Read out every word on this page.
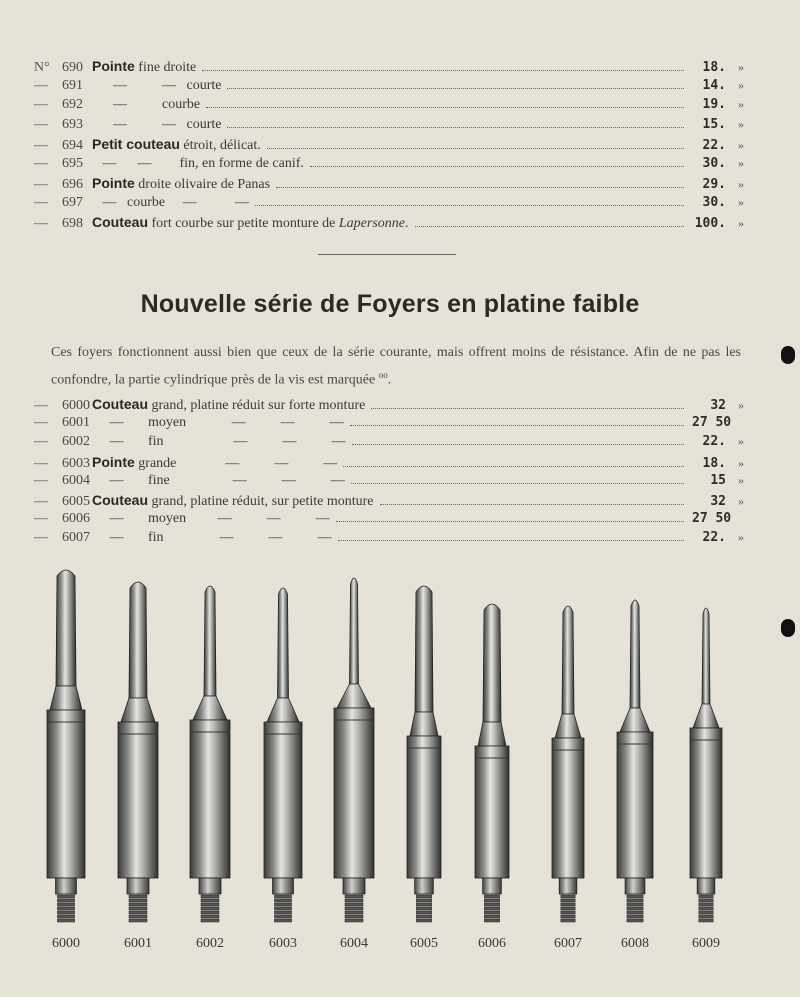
N° 690 Pointe fine droite	18.	»
—	691 —          —   courte	14.	»
—	692 —          courbe	19.	»
—	693 —          —   courte	15.	»
—	694 Petit couteau étroit, délicat.	22.	»
—	695 —      —        fin, en forme de canif.	30.	»
—	696 Pointe droite olivaire de Panas	29.	»
—	697 —   courbe     —           —	30.	»
—	698 Couteau fort courbe sur petite monture de Lapersonne.	100.	»
Nouvelle série de Foyers en platine faible
Ces foyers fonctionnent aussi bien que ceux de la série courante, mais offrent moins de résistance. Afin de ne pas les confondre, la partie cylindrique près de la vis est marquée $^{oo}$.
—	6000 Couteau grand, platine réduit sur forte monture	32	»
—	6001 —       moyen             —          —          —	27 50
—	6002 —       fin                    —          —          —	22.	»
—	6003 Pointe grande              —          —          —	18.	»
—	6004 —       fine                  —          —          —	15	»
—	6005 Couteau grand, platine réduit, sur petite monture	32	»
—	6006 —       moyen         —          —          —	27 50
—	6007 —       fin                —          —          —	22.	»
6000	6001	6002	6003	6004	6005	6006	6007	6008	6009
